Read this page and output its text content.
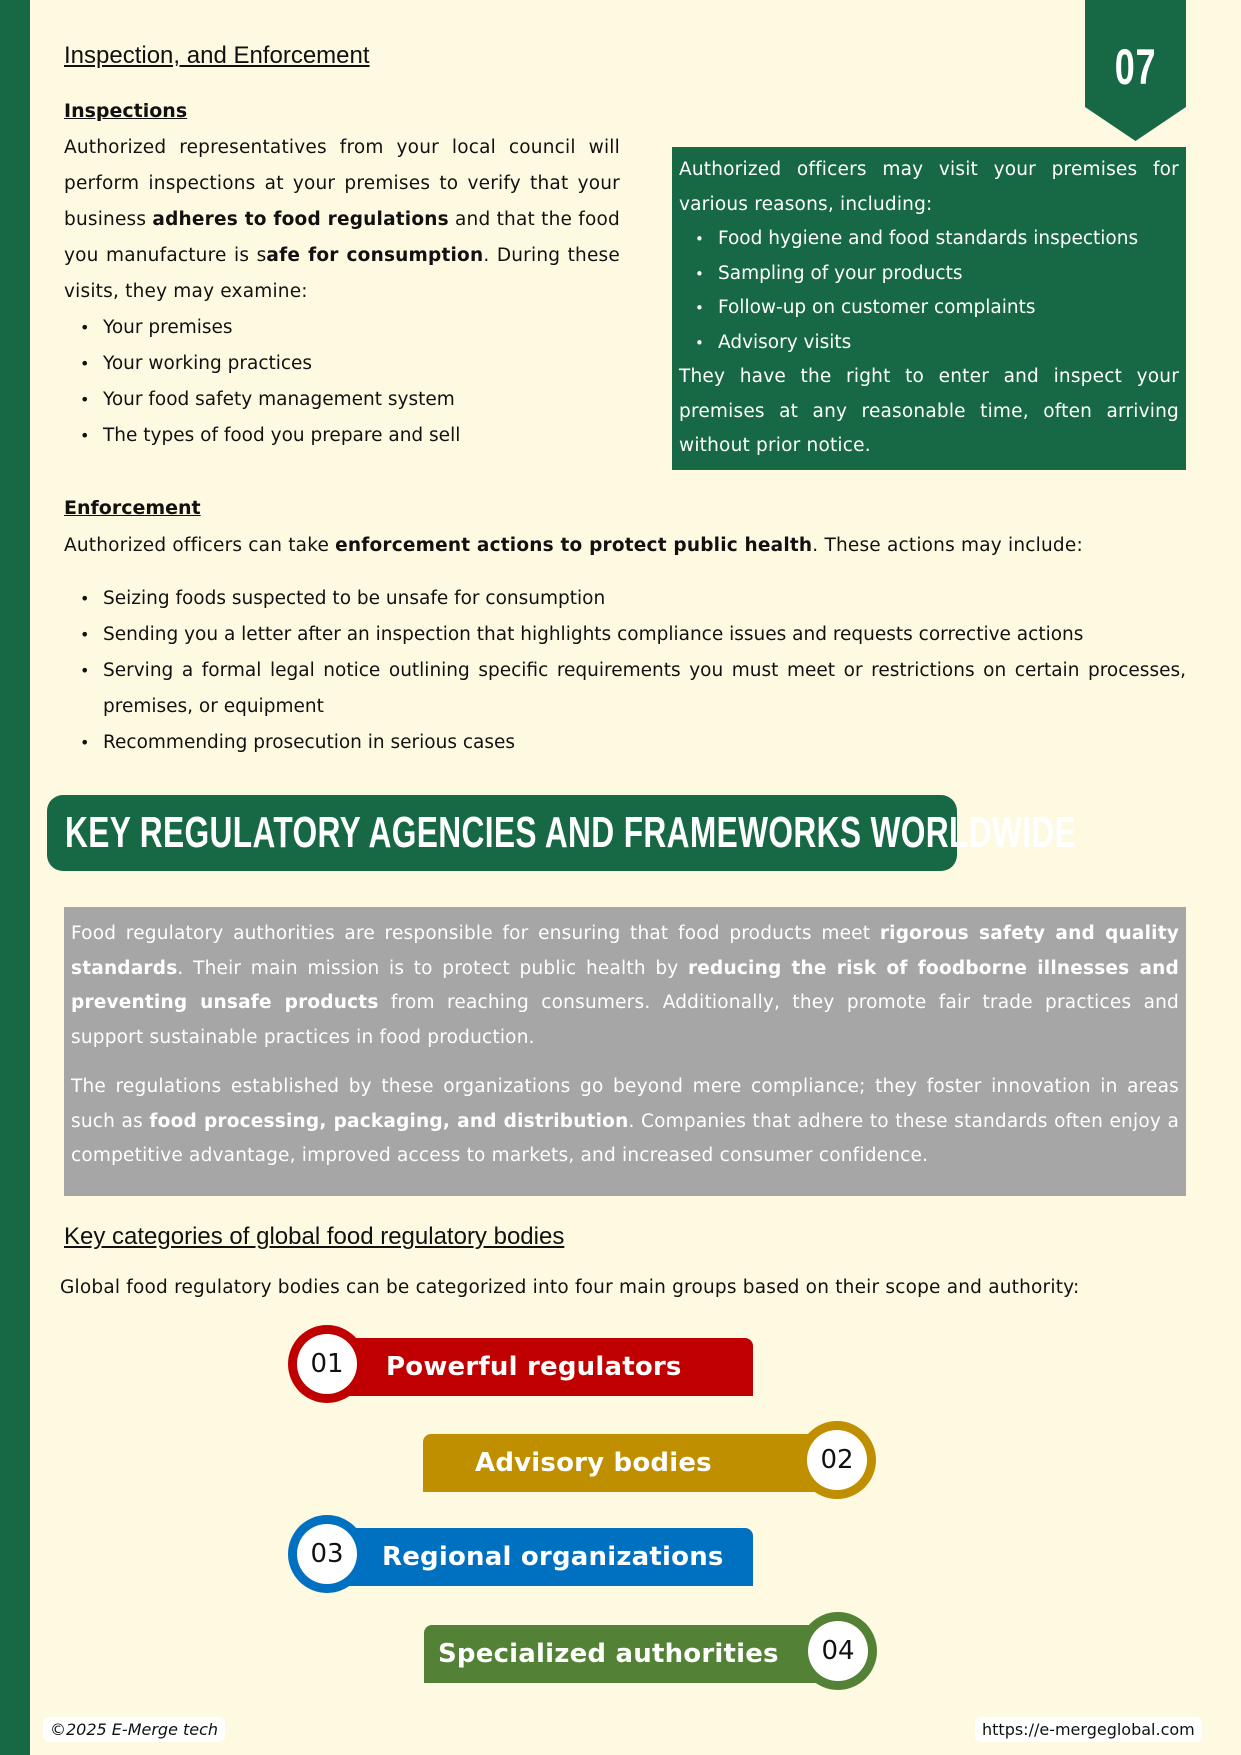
07
Inspection, and Enforcement
Inspections
Authorized representatives from your local council will perform inspections at your premises to verify that your business adheres to food regulations and that the food you manufacture is safe for consumption. During these visits, they may examine:
• Your premises
• Your working practices
• Your food safety management system
• The types of food you prepare and sell
Authorized officers may visit your premises for various reasons, including:
• Food hygiene and food standards inspections
• Sampling of your products
• Follow-up on customer complaints
• Advisory visits
They have the right to enter and inspect your premises at any reasonable time, often arriving without prior notice.
Enforcement
Authorized officers can take enforcement actions to protect public health. These actions may include:
• Seizing foods suspected to be unsafe for consumption
• Sending you a letter after an inspection that highlights compliance issues and requests corrective actions
• Serving a formal legal notice outlining specific requirements you must meet or restrictions on certain processes, premises, or equipment
• Recommending prosecution in serious cases
KEY REGULATORY AGENCIES AND FRAMEWORKS WORLDWIDE

Food regulatory authorities are responsible for ensuring that food products meet rigorous safety and quality standards. Their main mission is to protect public health by reducing the risk of foodborne illnesses and preventing unsafe products from reaching consumers. Additionally, they promote fair trade practices and support sustainable practices in food production.

The regulations established by these organizations go beyond mere compliance; they foster innovation in areas such as food processing, packaging, and distribution. Companies that adhere to these standards often enjoy a competitive advantage, improved access to markets, and increased consumer confidence.

Key categories of global food regulatory bodies
Global food regulatory bodies can be categorized into four main groups based on their scope and authority:
Powerful regulators
01
Advisory bodies	02
Regional organizations
03
Specialized authorities	04
©2025 E-Merge tech	https://e-mergeglobal.com
